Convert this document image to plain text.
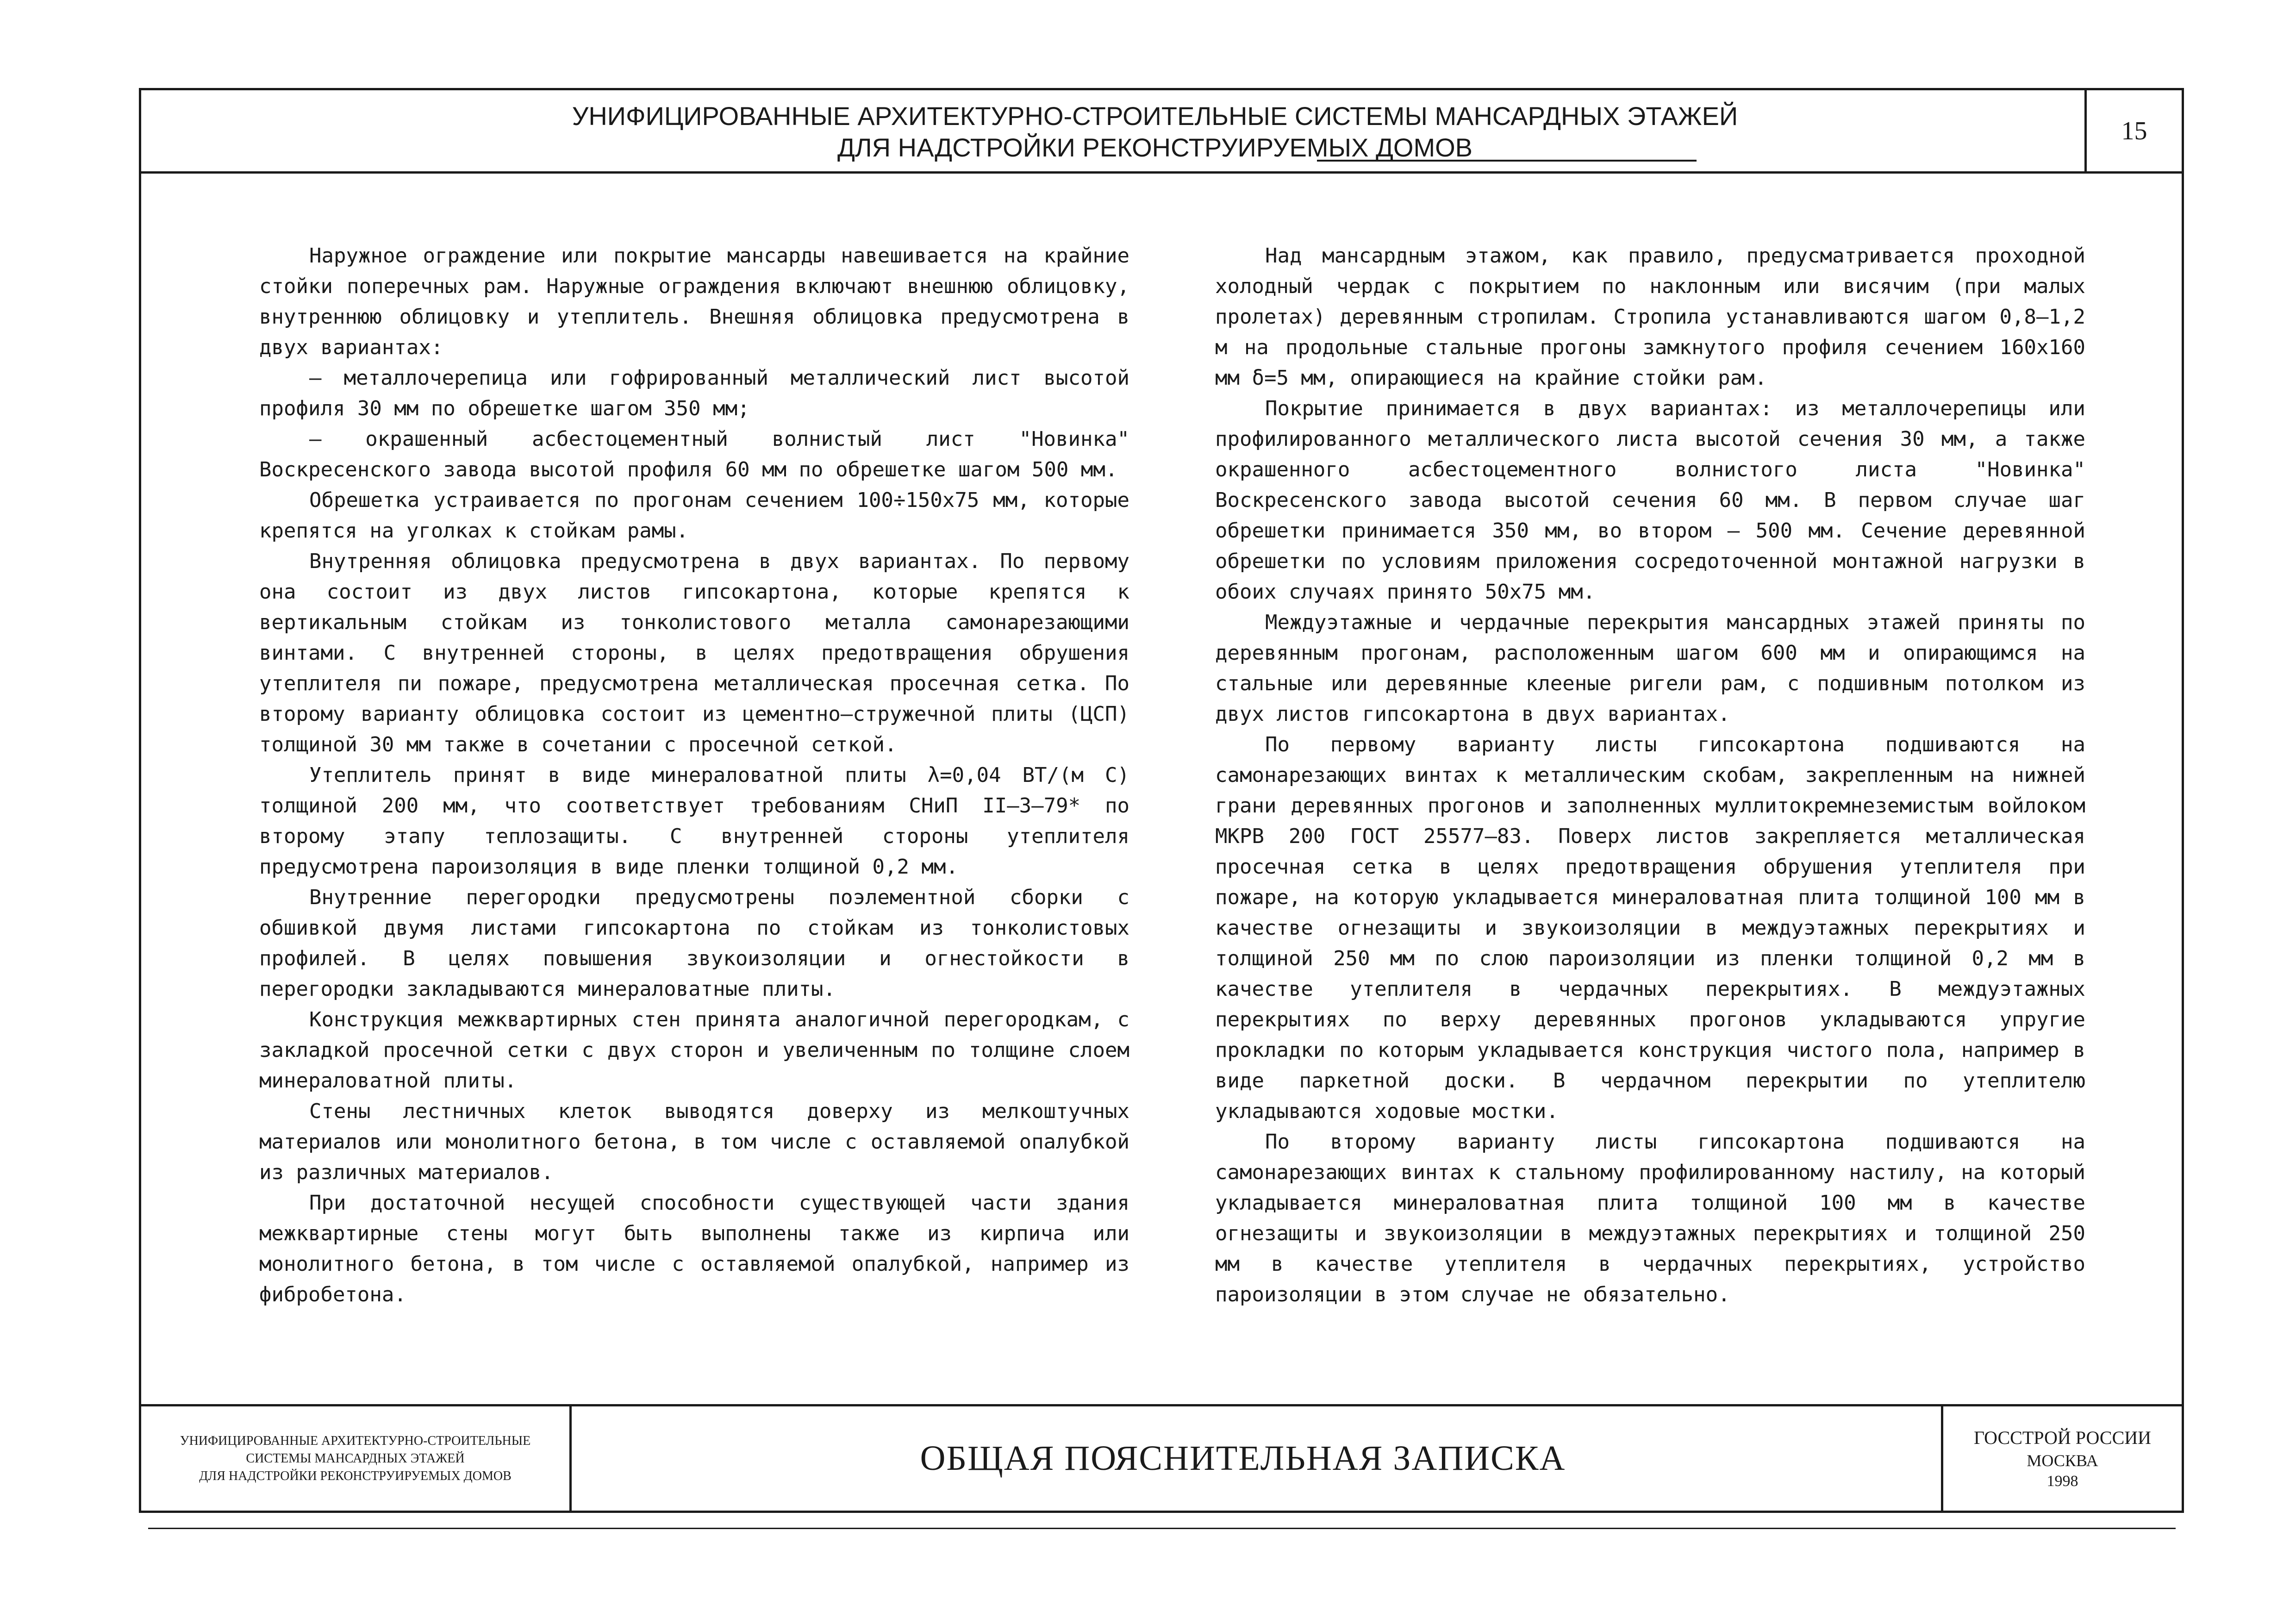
УНИФИЦИРОВАННЫЕ АРХИТЕКТУРНО-СТРОИТЕЛЬНЫЕ СИСТЕМЫ МАНСАРДНЫХ ЭТАЖЕЙ
ДЛЯ НАДСТРОЙКИ РЕКОНСТРУИРУЕМЫХ ДОМОВ
15

Наружное ограждение или покрытие мансарды навешивается на крайние стойки поперечных рам. Наружные ограждения включают внешнюю облицовку, внутреннюю облицовку и утеплитель. Внешняя облицовка предусмотрена в двух вариантах:

– металлочерепица или гофрированный металлический лист высотой профиля 30 мм по обрешетке шагом 350 мм;

– окрашенный асбестоцементный волнистый лист "Новинка" Воскресенского завода высотой профиля 60 мм по обрешетке шагом 500 мм.

Обрешетка устраивается по прогонам сечением 100÷150х75 мм, которые крепятся на уголках к стойкам рамы.

Внутренняя облицовка предусмотрена в двух вариантах. По первому она состоит из двух листов гипсокартона, которые крепятся к вертикальным стойкам из тонколистового металла самонарезающими винтами. С внутренней стороны, в целях предотвращения обрушения утеплителя пи пожаре, предусмотрена металлическая просечная сетка. По второму варианту облицовка состоит из цементно–стружечной плиты (ЦСП) толщиной 30 мм также в сочетании с просечной сеткой.

Утеплитель принят в виде минераловатной плиты λ=0,04 ВТ/(м С) толщиной 200 мм, что соответствует требованиям СНиП II–3–79* по второму этапу теплозащиты. С внутренней стороны утеплителя предусмотрена пароизоляция в виде пленки толщиной 0,2 мм.

Внутренние перегородки предусмотрены поэлементной сборки с обшивкой двумя листами гипсокартона по стойкам из тонколистовых профилей. В целях повышения звукоизоляции и огнестойкости в перегородки закладываются минераловатные плиты.

Конструкция межквартирных стен принята аналогичной перегородкам, с закладкой просечной сетки с двух сторон и увеличенным по толщине слоем минераловатной плиты.

Стены лестничных клеток выводятся доверху из мелкоштучных материалов или монолитного бетона, в том числе с оставляемой опалубкой из различных материалов.

При достаточной несущей способности существующей части здания межквартирные стены могут быть выполнены также из кирпича или монолитного бетона, в том числе с оставляемой опалубкой, например из фибробетона.

Над мансардным этажом, как правило, предусматривается проходной холодный чердак с покрытием по наклонным или висячим (при малых пролетах) деревянным стропилам. Стропила устанавливаются шагом 0,8–1,2 м на продольные стальные прогоны замкнутого профиля сечением 160х160 мм δ=5 мм, опирающиеся на крайние стойки рам.

Покрытие принимается в двух вариантах: из металлочерепицы или профилированного металлического листа высотой сечения 30 мм, а также окрашенного асбестоцементного волнистого листа "Новинка" Воскресенского завода высотой сечения 60 мм. В первом случае шаг обрешетки принимается 350 мм, во втором – 500 мм. Сечение деревянной обрешетки по условиям приложения сосредоточенной монтажной нагрузки в обоих случаях принято 50х75 мм.

Междуэтажные и чердачные перекрытия мансардных этажей приняты по деревянным прогонам, расположенным шагом 600 мм и опирающимся на стальные или деревянные клееные ригели рам, с подшивным потолком из двух листов гипсокартона в двух вариантах.

По первому варианту листы гипсокартона подшиваются на самонарезающих винтах к металлическим скобам, закрепленным на нижней грани деревянных прогонов и заполненных муллитокремнеземистым войлоком МКРВ 200 ГОСТ 25577–83. Поверх листов закрепляется металлическая просечная сетка в целях предотвращения обрушения утеплителя при пожаре, на которую укладывается минераловатная плита толщиной 100 мм в качестве огнезащиты и звукоизоляции в междуэтажных перекрытиях и толщиной 250 мм по слою пароизоляции из пленки толщиной 0,2 мм в качестве утеплителя в чердачных перекрытиях. В междуэтажных перекрытиях по верху деревянных прогонов укладываются упругие прокладки по которым укладывается конструкция чистого пола, например в виде паркетной доски. В чердачном перекрытии по утеплителю укладываются ходовые мостки.

По второму варианту листы гипсокартона подшиваются на самонарезающих винтах к стальному профилированному настилу, на который укладывается минераловатная плита толщиной 100 мм в качестве огнезащиты и звукоизоляции в междуэтажных перекрытиях и толщиной 250 мм в качестве утеплителя в чердачных перекрытиях, устройство пароизоляции в этом случае не обязательно.

УНИФИЦИРОВАННЫЕ АРХИТЕКТУРНО-СТРОИТЕЛЬНЫЕ
СИСТЕМЫ МАНСАРДНЫХ ЭТАЖЕЙ
ДЛЯ НАДСТРОЙКИ РЕКОНСТРУИРУЕМЫХ ДОМОВ	ОБЩАЯ ПОЯСНИТЕЛЬНАЯ ЗАПИСКА
ГОССТРОЙ РОССИИ
МОСКВА
1998
